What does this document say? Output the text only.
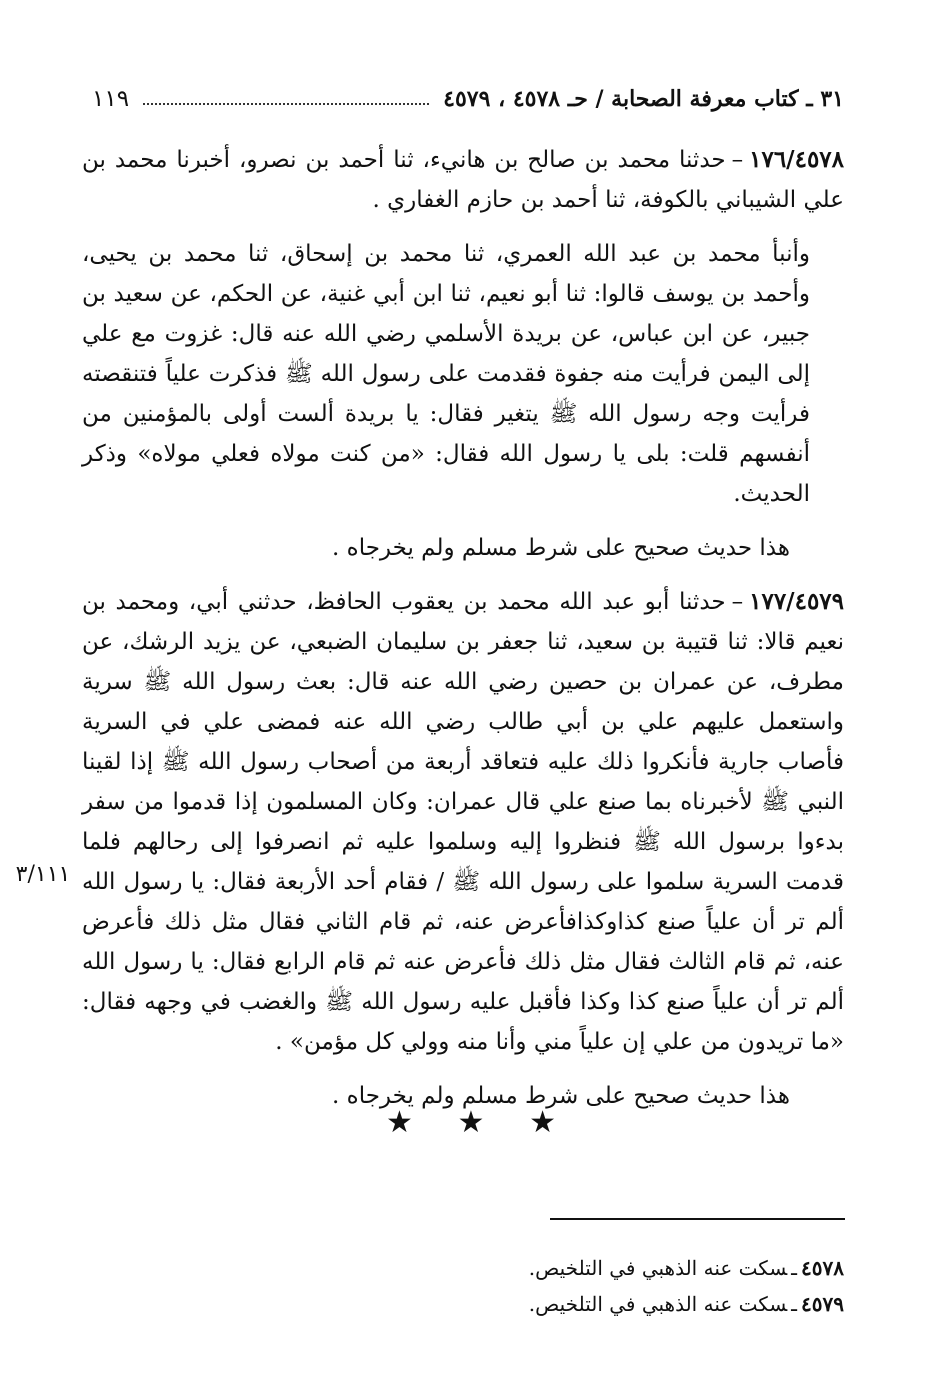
٣١ ـ كتاب معرفة الصحابة / حـ ٤٥٧٨ ، ٤٥٧٩
١١٩

١٧٦/٤٥٧٨–حدثنا محمد بن صالح بن هانيء، ثنا أحمد بن نصرو، أخبرنا محمد بن علي الشيباني بالكوفة، ثنا أحمد بن حازم الغفاري .

وأنبأ محمد بن عبد الله العمري، ثنا محمد بن إسحاق، ثنا محمد بن يحيى، وأحمد بن يوسف قالوا: ثنا أبو نعيم، ثنا ابن أبي غنية، عن الحكم، عن سعيد بن جبير، عن ابن عباس، عن بريدة الأسلمي رضي الله عنه قال: غزوت مع علي إلى اليمن فرأيت منه جفوة فقدمت على رسول الله ﷺ فذكرت علياً فتنقصته فرأيت وجه رسول الله ﷺ يتغير فقال: يا بريدة ألست أولى بالمؤمنين من أنفسهم قلت: بلى يا رسول الله فقال: «من كنت مولاه فعلي مولاه» وذكر الحديث.

هذا حديث صحيح على شرط مسلم ولم يخرجاه .

١٧٧/٤٥٧٩–حدثنا أبو عبد الله محمد بن يعقوب الحافظ، حدثني أبي، ومحمد بن نعيم قالا: ثنا قتيبة بن سعيد، ثنا جعفر بن سليمان الضبعي، عن يزيد الرشك، عن مطرف، عن عمران بن حصين رضي الله عنه قال: بعث رسول الله ﷺ سرية واستعمل عليهم علي بن أبي طالب رضي الله عنه فمضى علي في السرية فأصاب جارية فأنكروا ذلك عليه فتعاقد أربعة من أصحاب رسول الله ﷺ إذا لقينا النبي ﷺ لأخبرناه بما صنع علي قال عمران: وكان المسلمون إذا قدموا من سفر بدءوا برسول الله ﷺ فنظروا إليه وسلموا عليه ثم انصرفوا إلى رحالهم فلما قدمت السرية سلموا على رسول الله ﷺ / فقام أحد الأربعة فقال: يا رسول الله ألم تر أن علياً صنع كذاوكذافأعرض عنه، ثم قام الثاني فقال مثل ذلك فأعرض عنه، ثم قام الثالث فقال مثل ذلك فأعرض عنه ثم قام الرابع فقال: يا رسول الله ألم تر أن علياً صنع كذا وكذا فأقبل عليه رسول الله ﷺ والغضب في وجهه فقال: «ما تريدون من علي إن علياً مني وأنا منه وولي كل مؤمن» .

هذا حديث صحيح على شرط مسلم ولم يخرجاه .

٣/١١١
★
★
★

٤٥٧٨ـسكت عنه الذهبي في التلخيص.

٤٥٧٩ـسكت عنه الذهبي في التلخيص.
